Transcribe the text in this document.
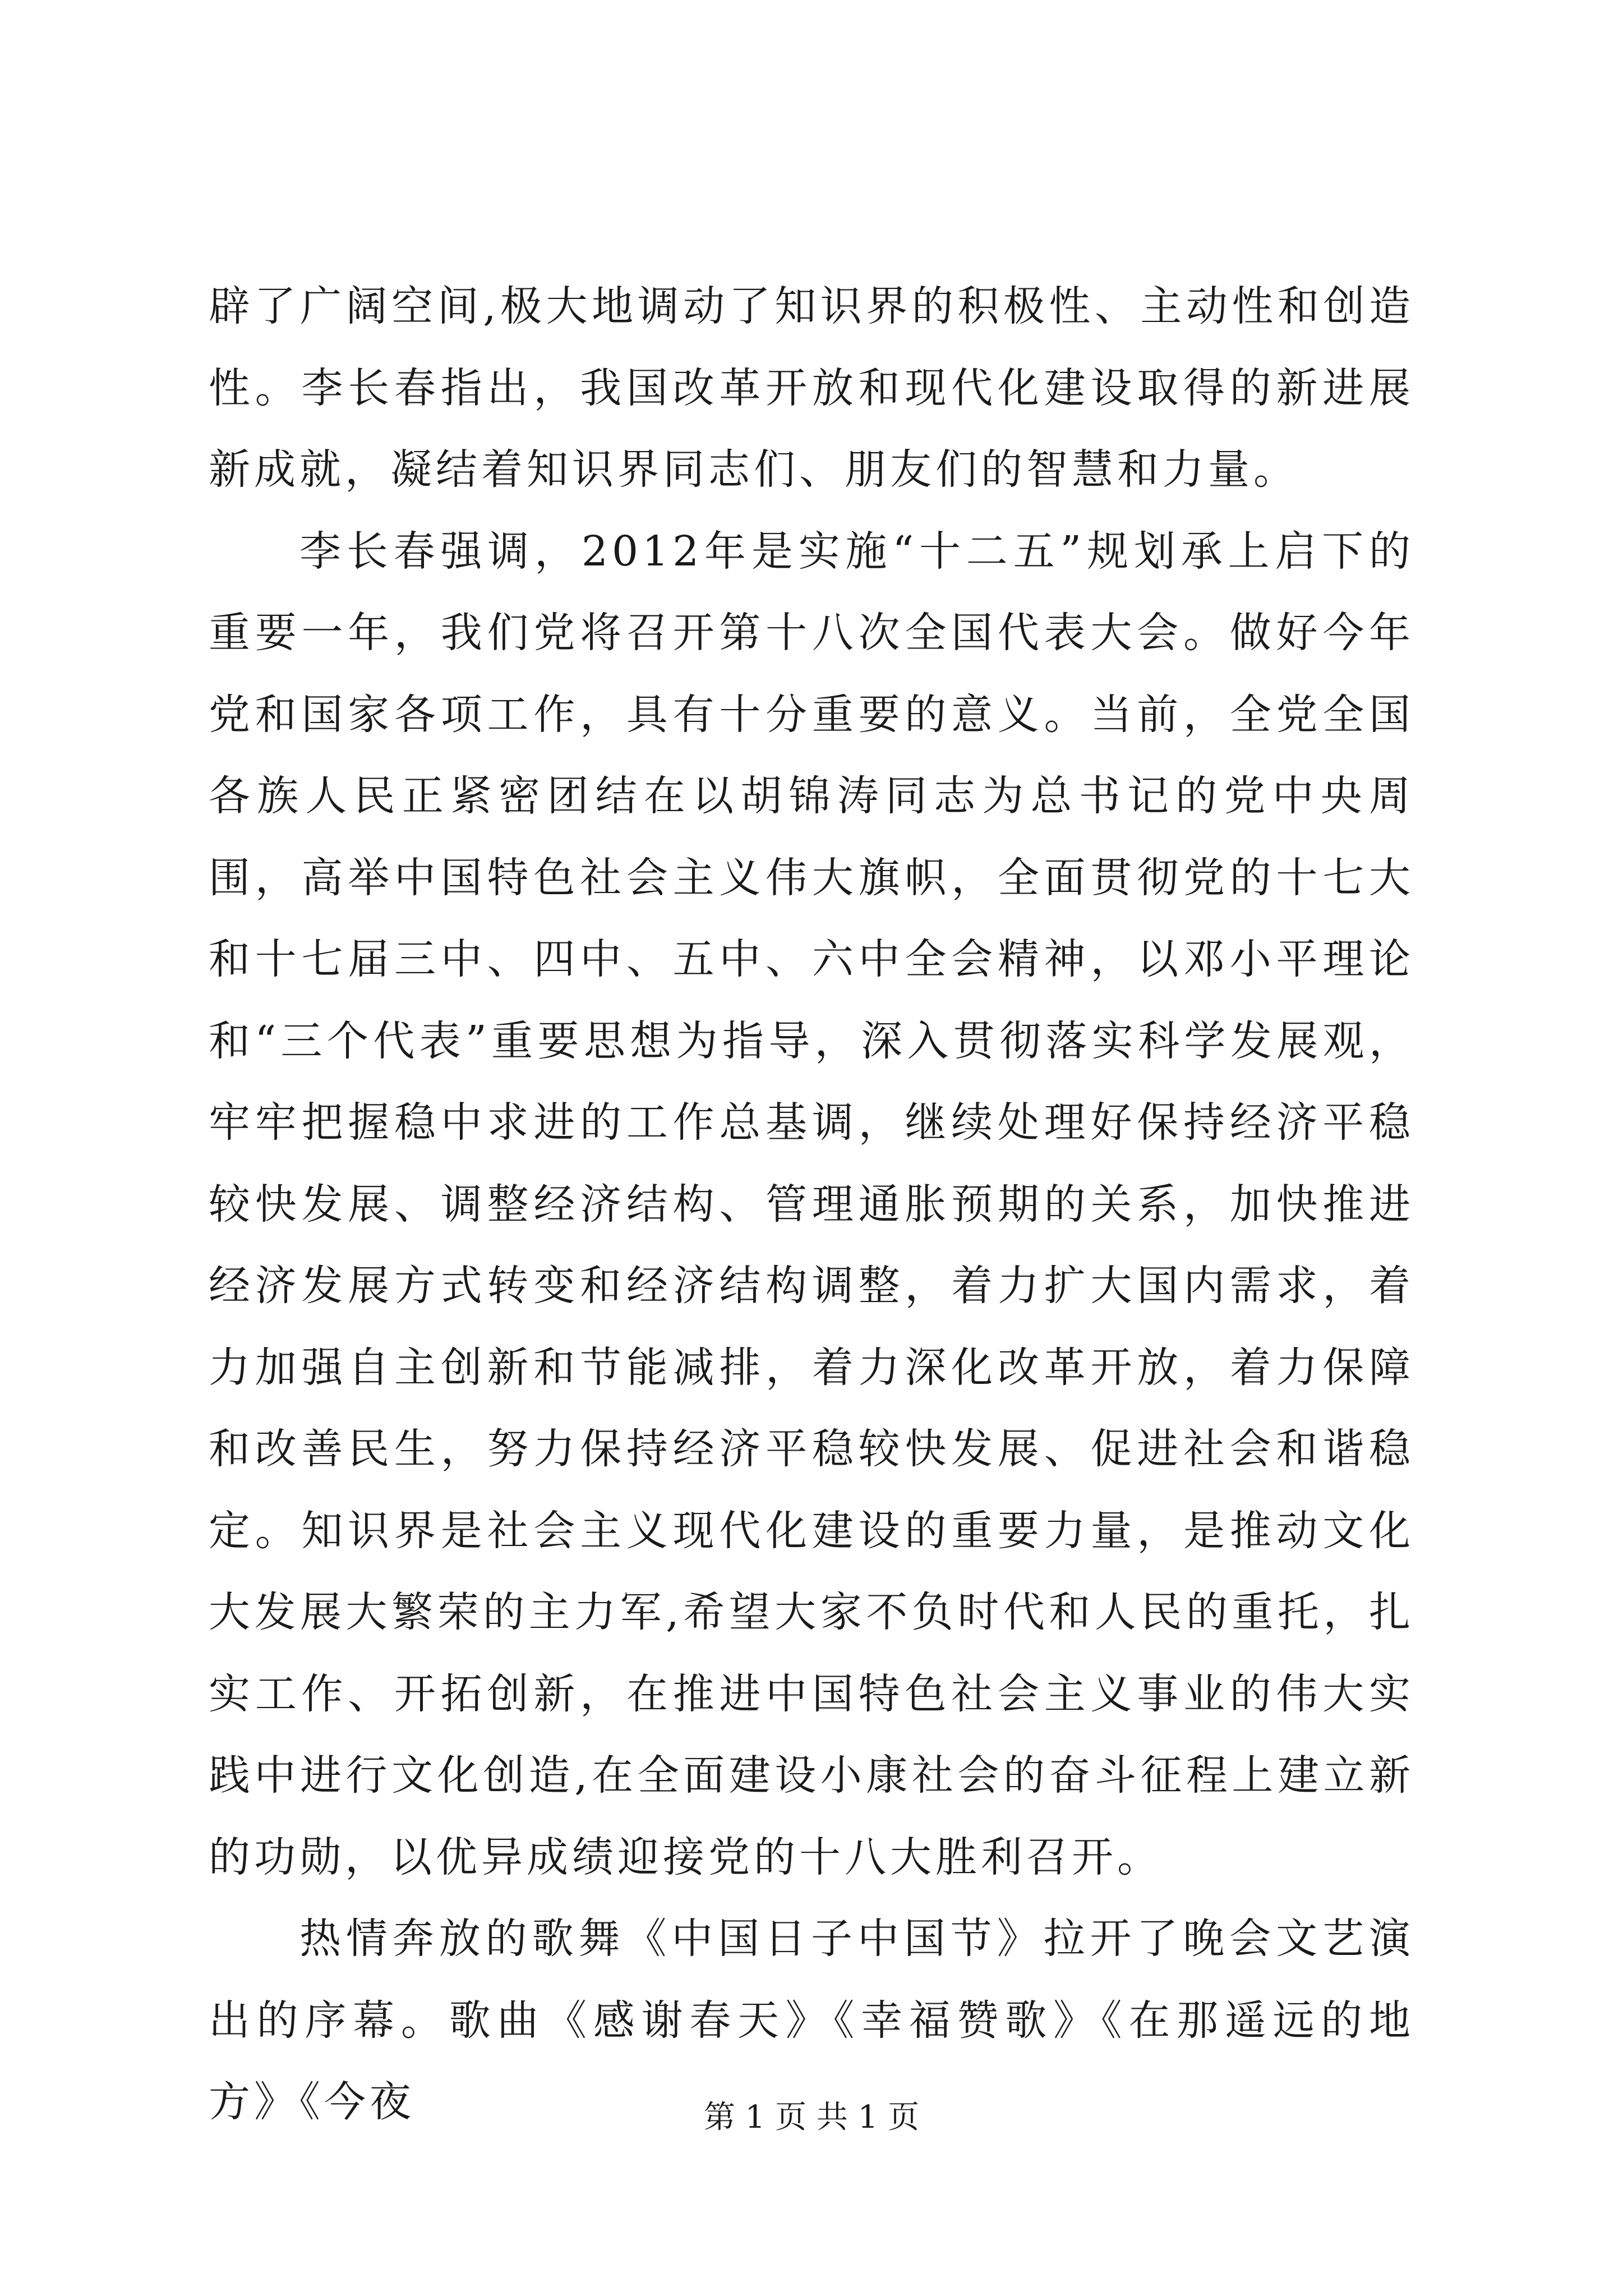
辟了广阔空间,极大地调动了知识界的积极性、主动性和创造性。李长春指出，我国改革开放和现代化建设取得的新进展新成就，凝结着知识界同志们、朋友们的智慧和力量。

李长春强调，2012年是实施“十二五”规划承上启下的重要一年，我们党将召开第十八次全国代表大会。做好今年党和国家各项工作，具有十分重要的意义。当前，全党全国各族人民正紧密团结在以胡锦涛同志为总书记的党中央周围，高举中国特色社会主义伟大旗帜，全面贯彻党的十七大和十七届三中、四中、五中、六中全会精神，以邓小平理论和“三个代表”重要思想为指导，深入贯彻落实科学发展观，牢牢把握稳中求进的工作总基调，继续处理好保持经济平稳较快发展、调整经济结构、管理通胀预期的关系，加快推进经济发展方式转变和经济结构调整，着力扩大国内需求，着力加强自主创新和节能减排，着力深化改革开放，着力保障和改善民生，努力保持经济平稳较快发展、促进社会和谐稳定。知识界是社会主义现代化建设的重要力量，是推动文化大发展大繁荣的主力军,希望大家不负时代和人民的重托，扎实工作、开拓创新，在推进中国特色社会主义事业的伟大实践中进行文化创造,在全面建设小康社会的奋斗征程上建立新的功勋，以优异成绩迎接党的十八大胜利召开。

热情奔放的歌舞《中国日子中国节》拉开了晚会文艺演出的序幕。歌曲《感谢春天》《幸福赞歌》《在那遥远的地方》《今夜	第 1 页 共 1 页
